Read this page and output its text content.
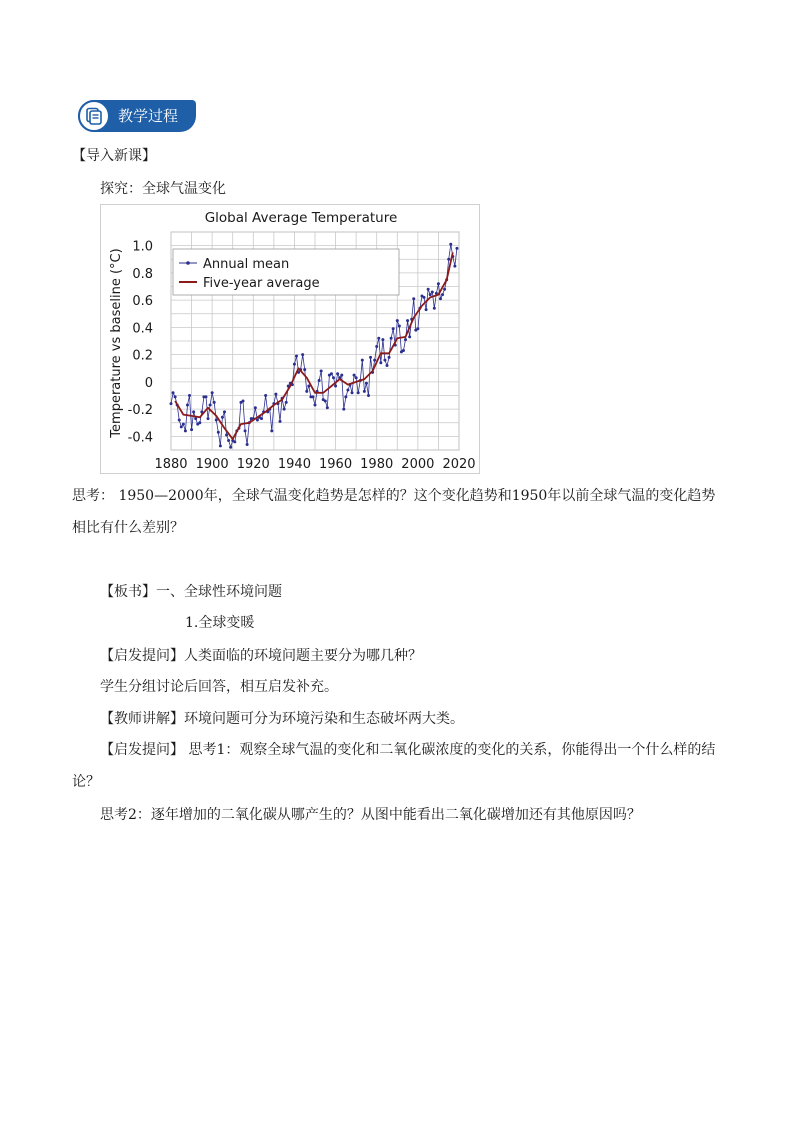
教学过程
【导入新课】
探究：全球气温变化
1880 1900 1920 1940 1960 1980 2000 2020
-0.4
-0.2
0
0.2
0.4
0.6
0.8
1.0
Annual mean
Five-year average
Global Average Temperature
Temperature vs baseline (°C)
思考： 1950—2000年，全球气温变化趋势是怎样的？这个变化趋势和1950年以前全球气温的变化趋势相比有什么差别？
【板书】一、全球性环境问题
1.全球变暖
【启发提问】人类面临的环境问题主要分为哪几种？
学生分组讨论后回答，相互启发补充。
【教师讲解】环境问题可分为环境污染和生态破坏两大类。
【启发提问】 思考1：观察全球气温的变化和二氧化碳浓度的变化的关系，你能得出一个什么样的结论？
思考2：逐年增加的二氧化碳从哪产生的？从图中能看出二氧化碳增加还有其他原因吗？
